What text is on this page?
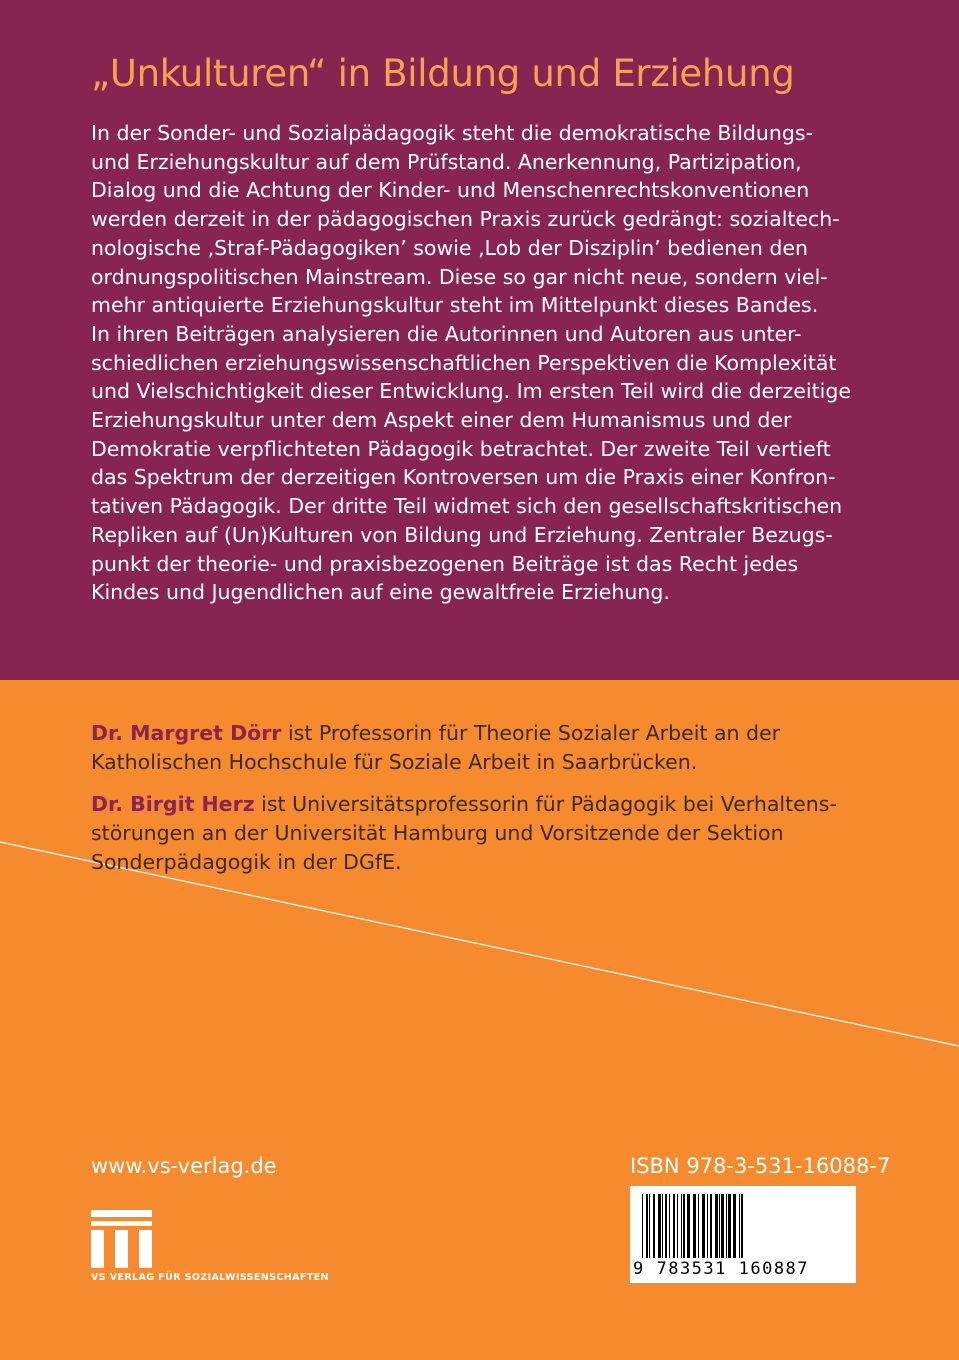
„Unkulturen“ in Bildung und Erziehung
In der Sonder- und Sozialpädagogik steht die demokratische Bildungs-
und Erziehungskultur auf dem Prüfstand. Anerkennung, Partizipation,
Dialog und die Achtung der Kinder- und Menschenrechtskonventionen
werden derzeit in der pädagogischen Praxis zurück gedrängt: sozialtech-
nologische ‚Straf-Pädagogiken’ sowie ‚Lob der Disziplin’ bedienen den
ordnungspolitischen Mainstream. Diese so gar nicht neue, sondern viel-
mehr antiquierte Erziehungskultur steht im Mittelpunkt dieses Bandes.
In ihren Beiträgen analysieren die Autorinnen und Autoren aus unter-
schiedlichen erziehungswissenschaftlichen Perspektiven die Komplexität
und Vielschichtigkeit dieser Entwicklung. Im ersten Teil wird die derzeitige
Erziehungskultur unter dem Aspekt einer dem Humanismus und der
Demokratie verpflichteten Pädagogik betrachtet. Der zweite Teil vertieft
das Spektrum der derzeitigen Kontroversen um die Praxis einer Konfron-
tativen Pädagogik. Der dritte Teil widmet sich den gesellschaftskritischen
Repliken auf (Un)Kulturen von Bildung und Erziehung. Zentraler Bezugs-
punkt der theorie- und praxisbezogenen Beiträge ist das Recht jedes
Kindes und Jugendlichen auf eine gewaltfreie Erziehung.
Dr. Margret Dörr ist Professorin für Theorie Sozialer Arbeit an der
Katholischen Hochschule für Soziale Arbeit in Saarbrücken.
Dr. Birgit Herz ist Universitätsprofessorin für Pädagogik bei Verhaltens-
störungen an der Universität Hamburg und Vorsitzende der Sektion
Sonderpädagogik in der DGfE.
www.vs-verlag.de	ISBN 978-3-531-16088-7
9 783531 160887
VS VERLAG FÜR SOZIALWISSENSCHAFTEN
